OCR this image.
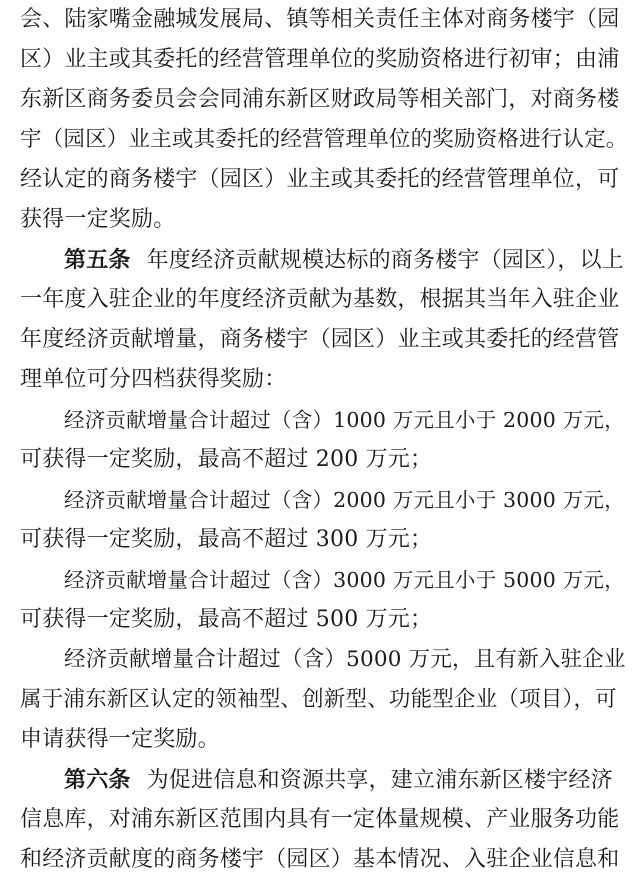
会、陆家嘴金融城发展局、镇等相关责任主体对商务楼宇（园
区）业主或其委托的经营管理单位的奖励资格进行初审；由浦
东新区商务委员会会同浦东新区财政局等相关部门，对商务楼
宇（园区）业主或其委托的经营管理单位的奖励资格进行认定。
经认定的商务楼宇（园区）业主或其委托的经营管理单位，可
获得一定奖励。
第五条 年度经济贡献规模达标的商务楼宇（园区），以上
一年度入驻企业的年度经济贡献为基数，根据其当年入驻企业
年度经济贡献增量，商务楼宇（园区）业主或其委托的经营管
理单位可分四档获得奖励：
经济贡献增量合计超过（含）1000 万元且小于 2000 万元，
可获得一定奖励，最高不超过 200 万元；
经济贡献增量合计超过（含）2000 万元且小于 3000 万元，
可获得一定奖励，最高不超过 300 万元；
经济贡献增量合计超过（含）3000 万元且小于 5000 万元，
可获得一定奖励，最高不超过 500 万元；
经济贡献增量合计超过（含）5000 万元，且有新入驻企业
属于浦东新区认定的领袖型、创新型、功能型企业（项目），可
申请获得一定奖励。
第六条 为促进信息和资源共享，建立浦东新区楼宇经济
信息库，对浦东新区范围内具有一定体量规模、产业服务功能
和经济贡献度的商务楼宇（园区）基本情况、入驻企业信息和
